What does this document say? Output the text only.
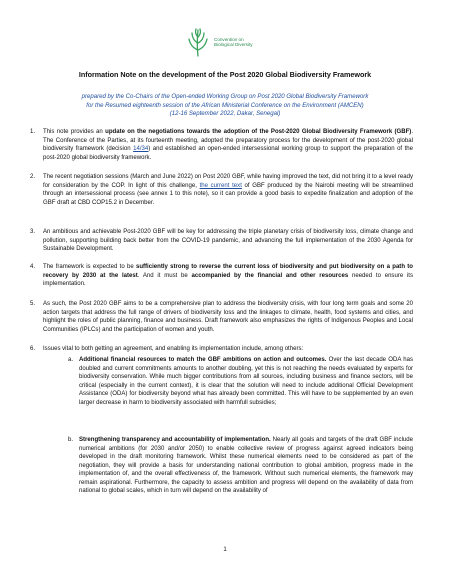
Convention on
Biological Diversity
Information Note on the development of the Post 2020 Global Biodiversity Framework
prepared by the Co-Chairs of the Open-ended Working Group on Post 2020 Global Biodiversity Framework
for the Resumed eighteenth session of the African Ministerial Conference on the Environment (AMCEN)
(12-16 September 2022, Dakar, Senegal)
1. This note provides an update on the negotiations towards the adoption of the Post-2020 Global Biodiversity Framework (GBF). The Conference of the Parties, at its fourteenth meeting, adopted the preparatory process for the development of the post-2020 global biodiversity framework (decision 14/34) and established an open-ended intersessional working group to support the preparation of the post-2020 global biodiversity framework.
2. The recent negotiation sessions (March and June 2022) on Post 2020 GBF, while having improved the text, did not bring it to a level ready for consideration by the COP. In light of this challenge, the current text of GBF produced by the Nairobi meeting will be streamlined through an intersessional process (see annex 1 to this note), so it can provide a good basis to expedite finalization and adoption of the GBF draft at CBD COP15.2 in December.
3. An ambitious and achievable Post-2020 GBF will be key for addressing the triple planetary crisis of biodiversity loss, climate change and pollution, supporting building back better from the COVID-19 pandemic, and advancing the full implementation of the 2030 Agenda for Sustainable Development.
4. The framework is expected to be sufficiently strong to reverse the current loss of biodiversity and put biodiversity on a path to recovery by 2030 at the latest. And it must be accompanied by the financial and other resources needed to ensure its implementation.
5. As such, the Post 2020 GBF aims to be a comprehensive plan to address the biodiversity crisis, with four long term goals and some 20 action targets that address the full range of drivers of biodiversity loss and the linkages to climate, health, food systems and cities, and highlight the roles of public planning, finance and business. Draft framework also emphasizes the rights of Indigenous Peoples and Local Communities (IPLCs) and the participation of women and youth.
6. Issues vital to both getting an agreement, and enabling its implementation include, among others:
a. Additional financial resources to match the GBF ambitions on action and outcomes. Over the last decade ODA has doubled and current commitments amounts to another doubling, yet this is not reaching the needs evaluated by experts for biodiversity conservation. While much bigger contributions from all sources, including business and finance sectors, will be critical (especially in the current context), it is clear that the solution will need to include additional Official Development Assistance (ODA) for biodiversity beyond what has already been committed. This will have to be supplemented by an even larger decrease in harm to biodiversity associated with harmfull subsidies;
b. Strengthening transparency and accountability of implementation. Nearly all goals and targets of the draft GBF include numerical ambitions (for 2030 and/or 2050) to enable collective review of progress against agreed indicators being developed in the draft monitoring framework. Whilst these numerical elements need to be considered as part of the negotiation, they will provide a basis for understanding national contribution to global ambition, progress made in the implementation of, and the overall effectiveness of, the framework. Without such numerical elements, the framework may remain aspirational. Furthermore, the capacity to assess ambition and progress will depend on the availability of data from national to global scales, which in turn will depend on the availability of
1
